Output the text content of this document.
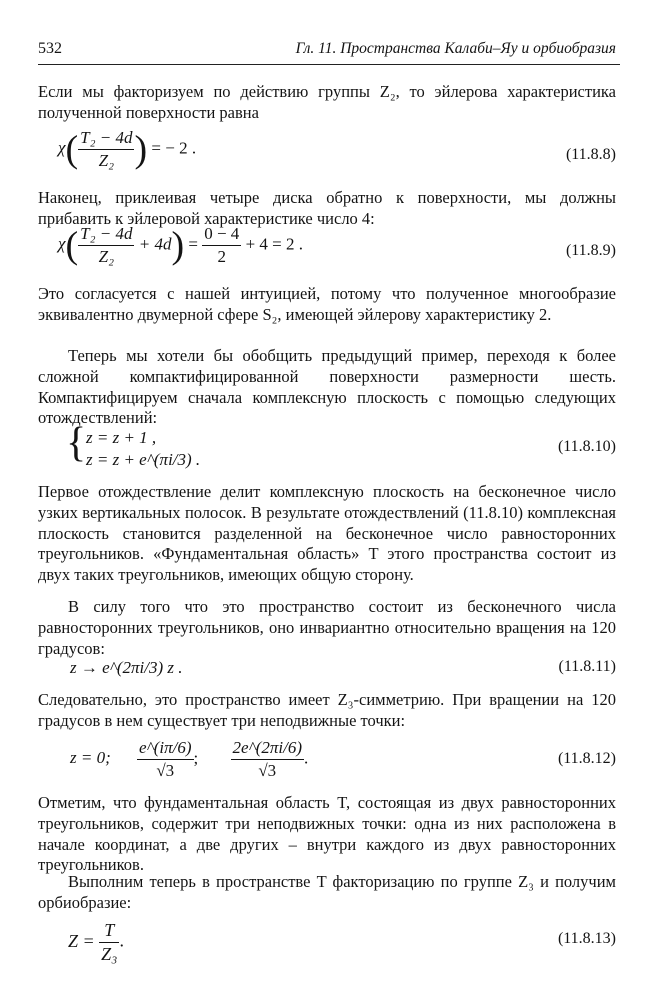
532	Гл. 11. Пространства Калаби–Яу и орбиобразия
Если мы факторизуем по действию группы Z₂, то эйлерова характеристика полученной поверхности равна
$\chi( \frac{\text{T₂ − 4d}}{\text{Z₂}}$ ) = − 2 .	(11.8.8)
Наконец, приклеивая четыре диска обратно к поверхности, мы должны прибавить к эйлеровой характеристике число 4:
$\chi( \frac{\text{T₂ − 4d}}{\text{Z₂}} + 4d) = \frac{0 - 4}{2} + 4 = 2$ .	(11.8.9)
Это согласуется с нашей интуицией, потому что полученное многообразие эквивалентно двумерной сфере S₂, имеющей эйлерову характеристику 2.
Теперь мы хотели бы обобщить предыдущий пример, переходя к более сложной компактифицированной поверхности размерности шесть. Компактифицируем сначала комплексную плоскость с помощью следующих отождествлений:
{ z = z + 1 ,
z = z + e^(πi/3) .
(11.8.10)
Первое отождествление делит комплексную плоскость на бесконечное число узких вертикальных полосок. В результате отождествлений (11.8.10) комплексная плоскость становится разделенной на бесконечное число равносторонних треугольников. «Фундаментальная область» T этого пространства состоит из двух таких треугольников, имеющих общую сторону.
В силу того что это пространство состоит из бесконечного числа равносторонних треугольников, оно инвариантно относительно вращения на 120 градусов:
z → e^(2πi/3) z .	(11.8.11)
Следовательно, это пространство имеет Z₃-симметрию. При вращении на 120 градусов в нем существует три неподвижные точки:
z = 0; $\frac{e\^{}(i\pi/6)}{√3}$ ; $\frac{2e\^{}(2\pi i/6)}{√3}$ .	(11.8.12)
Отметим, что фундаментальная область T, состоящая из двух равносторонних треугольников, содержит три неподвижных точки: одна из них расположена в начале координат, а две других – внутри каждого из двух равносторонних треугольников.
Выполним теперь в пространстве T факторизацию по группе Z₃ и получим орбиобразие:
$Z = \frac{T}{\text{Z₃}}$ .	(11.8.13)
